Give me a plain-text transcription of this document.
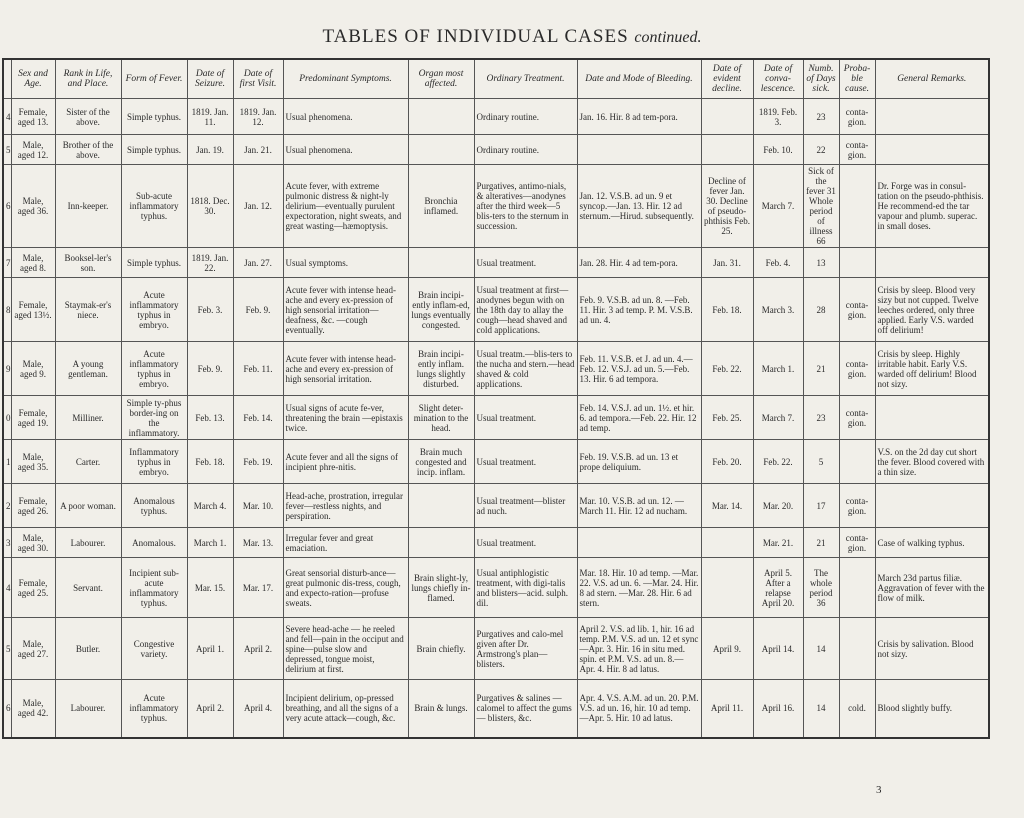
TABLES OF INDIVIDUAL CASES continued.
	Sex and Age.	Rank in Life, and Place.	Form of Fever.	Date of Seizure.	Date of first Visit.	Predominant Symptoms.	Organ most affected.	Ordinary Treatment.	Date and Mode of Bleeding.	Date of evident decline.	Date of conva-lescence.	Numb. of Days sick.	Proba-ble cause.	General Remarks.
4	Female, aged 13.	Sister of the above.	Simple typhus.	1819. Jan. 11.	1819. Jan. 12.	Usual phenomena.		Ordinary routine.	Jan. 16. Hir. 8 ad tem-pora.		1819. Feb. 3.	23	conta-gion.	
5	Male, aged 12.	Brother of the above.	Simple typhus.	Jan. 19.	Jan. 21.	Usual phenomena.		Ordinary routine.			Feb. 10.	22	conta-gion.	
6	Male, aged 36.	Inn-keeper.	Sub-acute inflammatory typhus.	1818. Dec. 30.	Jan. 12.	Acute fever, with extreme pulmonic distress & night-ly delirium—eventually purulent expectoration, night sweats, and great wasting—hæmoptysis.	Bronchia inflamed.	Purgatives, antimo-nials, & alteratives—anodynes after the third week—5 blis-ters to the sternum in succession.	Jan. 12. V.S.B. ad un. 9 et syncop.—Jan. 13. Hir. 12 ad sternum.—Hirud. subsequently.	Decline of fever Jan. 30. Decline of pseudo-phthisis Feb. 25.	March 7.	Sick of the fever 31 Whole period of illness 66		Dr. Forge was in consul-tation on the pseudo-phthisis. He recommend-ed the tar vapour and plumb. superac. in small doses.
7	Male, aged 8.	Booksel-ler's son.	Simple typhus.	1819. Jan. 22.	Jan. 27.	Usual symptoms.		Usual treatment.	Jan. 28. Hir. 4 ad tem-pora.	Jan. 31.	Feb. 4.	13		
8	Female, aged 13½.	Staymak-er's niece.	Acute inflammatory typhus in embryo.	Feb. 3.	Feb. 9.	Acute fever with intense head-ache and every ex-pression of high sensorial irritation—deafness, &c. —cough eventually.	Brain incipi-ently inflam-ed, lungs eventually congested.	Usual treatment at first—anodynes begun with on the 18th day to allay the cough—head shaved and cold applications.	Feb. 9. V.S.B. ad un. 8. —Feb. 11. Hir. 3 ad temp. P. M. V.S.B. ad un. 4.	Feb. 18.	March 3.	28	conta-gion.	Crisis by sleep. Blood very sizy but not cupped. Twelve leeches ordered, only three applied. Early V.S. warded off delirium!
9	Male, aged 9.	A young gentleman.	Acute inflammatory typhus in embryo.	Feb. 9.	Feb. 11.	Acute fever with intense head-ache and every ex-pression of high sensorial irritation.	Brain incipi-ently inflam. lungs slightly disturbed.	Usual treatm.—blis-ters to the nucha and stern.—head shaved & cold applications.	Feb. 11. V.S.B. et J. ad un. 4.—Feb. 12. V.S.J. ad un. 5.—Feb. 13. Hir. 6 ad tempora.	Feb. 22.	March 1.	21	conta-gion.	Crisis by sleep. Highly irritable habit. Early V.S. warded off delirium! Blood not sizy.
0	Female, aged 19.	Milliner.	Simple ty-phus border-ing on the inflammatory.	Feb. 13.	Feb. 14.	Usual signs of acute fe-ver, threatening the brain —epistaxis twice.	Slight deter-mination to the head.	Usual treatment.	Feb. 14. V.S.J. ad un. 1½. et hir. 6. ad tempora.—Feb. 22. Hir. 12 ad temp.	Feb. 25.	March 7.	23	conta-gion.	
1	Male, aged 35.	Carter.	Inflammatory typhus in embryo.	Feb. 18.	Feb. 19.	Acute fever and all the signs of incipient phre-nitis.	Brain much congested and incip. inflam.	Usual treatment.	Feb. 19. V.S.B. ad un. 13 et prope deliquium.	Feb. 20.	Feb. 22.	5		V.S. on the 2d day cut short the fever. Blood covered with a thin size.
2	Female, aged 26.	A poor woman.	Anomalous typhus.	March 4.	Mar. 10.	Head-ache, prostration, irregular fever—restless nights, and perspiration.		Usual treatment—blister ad nuch.	Mar. 10. V.S.B. ad un. 12. —March 11. Hir. 12 ad nucham.	Mar. 14.	Mar. 20.	17	conta-gion.	
3	Male, aged 30.	Labourer.	Anomalous.	March 1.	Mar. 13.	Irregular fever and great emaciation.		Usual treatment.			Mar. 21.	21	conta-gion.	Case of walking typhus.
4	Female, aged 25.	Servant.	Incipient sub-acute inflammatory typhus.	Mar. 15.	Mar. 17.	Great sensorial disturb-ance—great pulmonic dis-tress, cough, and expecto-ration—profuse sweats.	Brain slight-ly, lungs chiefly in-flamed.	Usual antiphlogistic treatment, with digi-talis and blisters—acid. sulph. dil.	Mar. 18. Hir. 10 ad temp. —Mar. 22. V.S. ad un. 6. —Mar. 24. Hir. 8 ad stern. —Mar. 28. Hir. 6 ad stern.		April 5. After a relapse April 20.	The whole period 36		March 23d partus filiæ. Aggravation of fever with the flow of milk.
5	Male, aged 27.	Butler.	Congestive variety.	April 1.	April 2.	Severe head-ache — he reeled and fell—pain in the occiput and spine—pulse slow and depressed, tongue moist, delirium at first.	Brain chiefly.	Purgatives and calo-mel given after Dr. Armstrong's plan—blisters.	April 2. V.S. ad lib. 1, hir. 16 ad temp. P.M. V.S. ad un. 12 et sync—Apr. 3. Hir. 16 in situ med. spin. et P.M. V.S. ad un. 8.—Apr. 4. Hir. 8 ad latus.	April 9.	April 14.	14		Crisis by salivation. Blood not sizy.
6	Male, aged 42.	Labourer.	Acute inflammatory typhus.	April 2.	April 4.	Incipient delirium, op-pressed breathing, and all the signs of a very acute attack—cough, &c.	Brain & lungs.	Purgatives & salines —calomel to affect the gums— blisters, &c.	Apr. 4. V.S. A.M. ad un. 20. P.M. V.S. ad un. 16, hir. 10 ad temp.—Apr. 5. Hir. 10 ad latus.	April 11.	April 16.	14	cold.	Blood slightly buffy.
3
